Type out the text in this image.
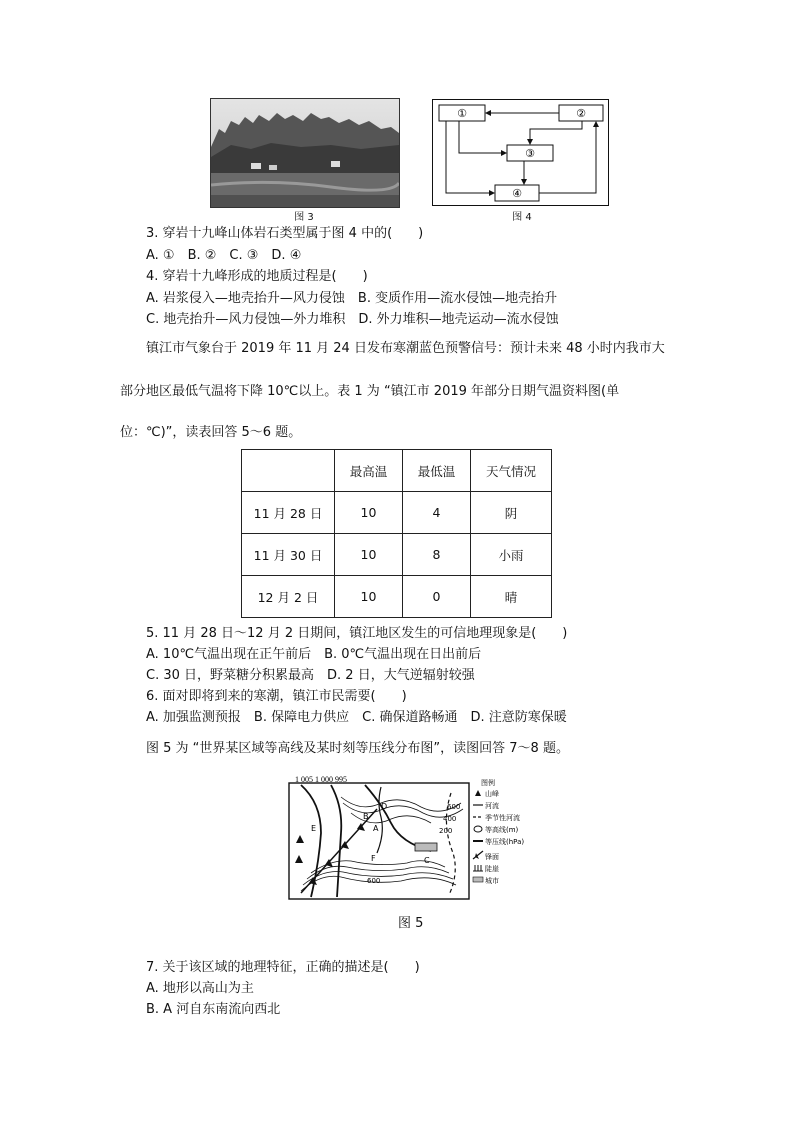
图 3
①	②
③
④
图 4
3. 穿岩十九峰山体岩石类型属于图 4 中的(　　)
A. ①　B. ②　C. ③　D. ④
4. 穿岩十九峰形成的地质过程是(　　)
A. 岩浆侵入—地壳抬升—风力侵蚀　B. 变质作用—流水侵蚀—地壳抬升
C. 地壳抬升—风力侵蚀—外力堆积　D. 外力堆积—地壳运动—流水侵蚀
镇江市气象台于 2019 年 11 月 24 日发布寒潮蓝色预警信号：预计未来 48 小时内我市大
部分地区最低气温将下降 10℃以上。表 1 为 “镇江市 2019 年部分日期气温资料图(单
位：℃)”，读表回答 5～6 题。
	最高温	最低温	天气情况
11 月 28 日	10	4	阴
11 月 30 日	10	8	小雨
12 月 2 日	10	0	晴
5. 11 月 28 日～12 月 2 日期间，镇江地区发生的可信地理现象是(　　)
A. 10℃气温出现在正午前后　B. 0℃气温出现在日出前后
C. 30 日，野菜糖分积累最高　D. 2 日，大气逆辐射较强
6. 面对即将到来的寒潮，镇江市民需要(　　)
A. 加强监测预报　B. 保障电力供应　C. 确保道路畅通　D. 注意防寒保暖
图 5 为 “世界某区域等高线及某时刻等压线分布图”，读图回答 7～8 题。
1 005 1 000 995
600
400
200
600
A
B
C
D
E
F
图例
山峰
河流
季节性河流
等高线(m)
等压线(hPa)
锋面
陡崖
城市
图 5
7. 关于该区域的地理特征，正确的描述是(　　)
A. 地形以高山为主
B. A 河自东南流向西北
